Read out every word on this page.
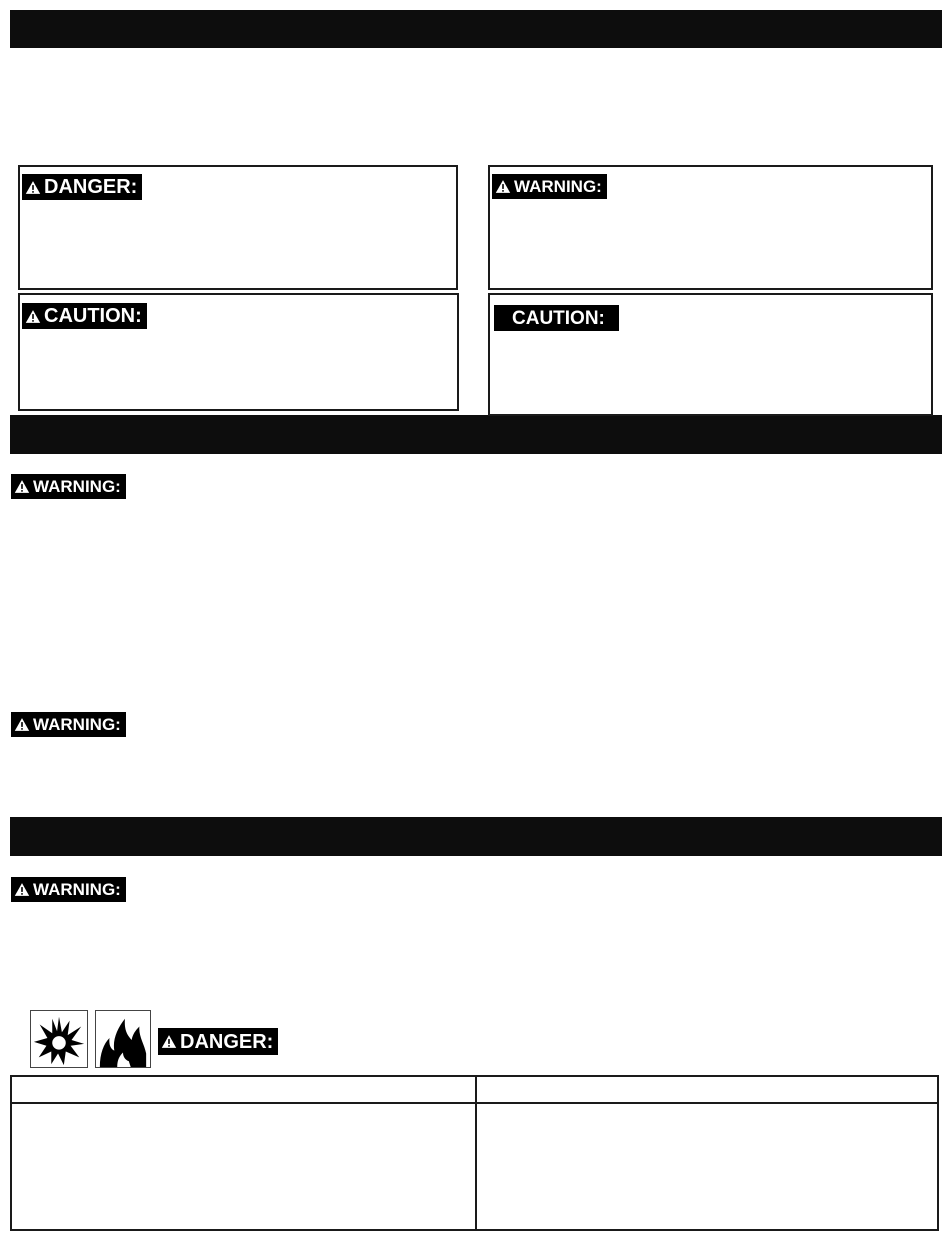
DANGER:	WARNING:
CAUTION:	CAUTION:
WARNING:
WARNING:
WARNING:
DANGER:
